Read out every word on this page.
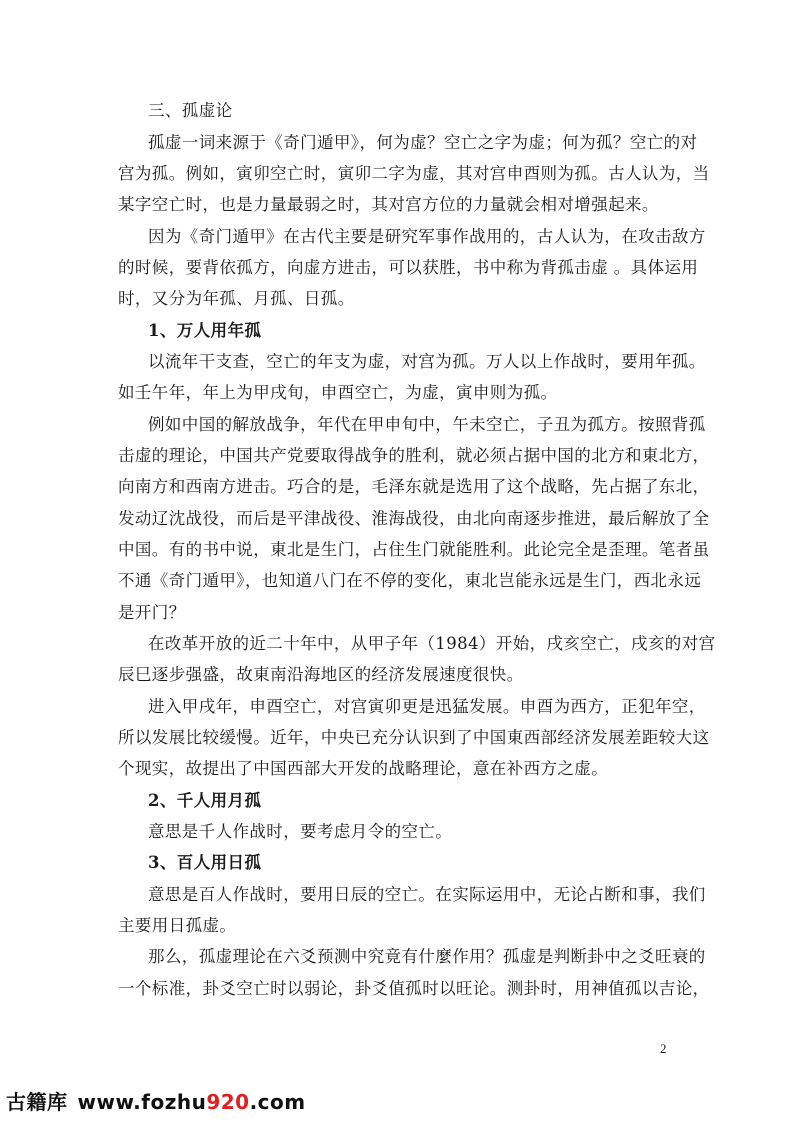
三、孤虚论
孤虚一词来源于《奇门遁甲》，何为虚？空亡之字为虚；何为孤？空亡的对
宫为孤。例如，寅卯空亡时，寅卯二字为虚，其对宫申酉则为孤。古人认为，当
某字空亡时，也是力量最弱之时，其对宫方位的力量就会相对增强起来。
因为《奇门遁甲》在古代主要是研究军事作战用的，古人认为，在攻击敌方
的时候，要背依孤方，向虚方进击，可以获胜，书中称为背孤击虚 。具体运用
时，又分为年孤、月孤、日孤。
1、万人用年孤
以流年干支查，空亡的年支为虚，对宫为孤。万人以上作战时，要用年孤。
如壬午年，年上为甲戌旬，申酉空亡，为虚，寅申则为孤。
例如中国的解放战争，年代在甲申旬中，午未空亡，子丑为孤方。按照背孤
击虚的理论，中国共产党要取得战争的胜利，就必须占据中国的北方和東北方，
向南方和西南方进击。巧合的是，毛泽东就是选用了这个战略，先占据了东北，
发动辽沈战役，而后是平津战役、淮海战役，由北向南逐步推进，最后解放了全
中国。有的书中说，東北是生门，占住生门就能胜利。此论完全是歪理。笔者虽
不通《奇门遁甲》，也知道八门在不停的变化，東北岂能永远是生门，西北永远
是开门？
在改革开放的近二十年中，从甲子年（1984）开始，戌亥空亡，戌亥的对宫
辰巳逐步强盛，故東南沿海地区的经济发展速度很快。
进入甲戌年，申酉空亡，对宫寅卯更是迅猛发展。申酉为西方，正犯年空，
所以发展比较缓慢。近年，中央已充分认识到了中国東西部经济发展差距较大这
个现实，故提出了中国西部大开发的战略理论，意在补西方之虚。
2、千人用月孤
意思是千人作战时，要考虑月令的空亡。
3、百人用日孤
意思是百人作战时，要用日辰的空亡。在实际运用中，无论占断和事，我们
主要用日孤虚。
那么，孤虚理论在六爻预测中究竟有什麼作用？孤虚是判断卦中之爻旺衰的
一个标准，卦爻空亡时以弱论，卦爻值孤时以旺论。测卦时，用神值孤以吉论，
2
古籍库 www.fozhu920.com
